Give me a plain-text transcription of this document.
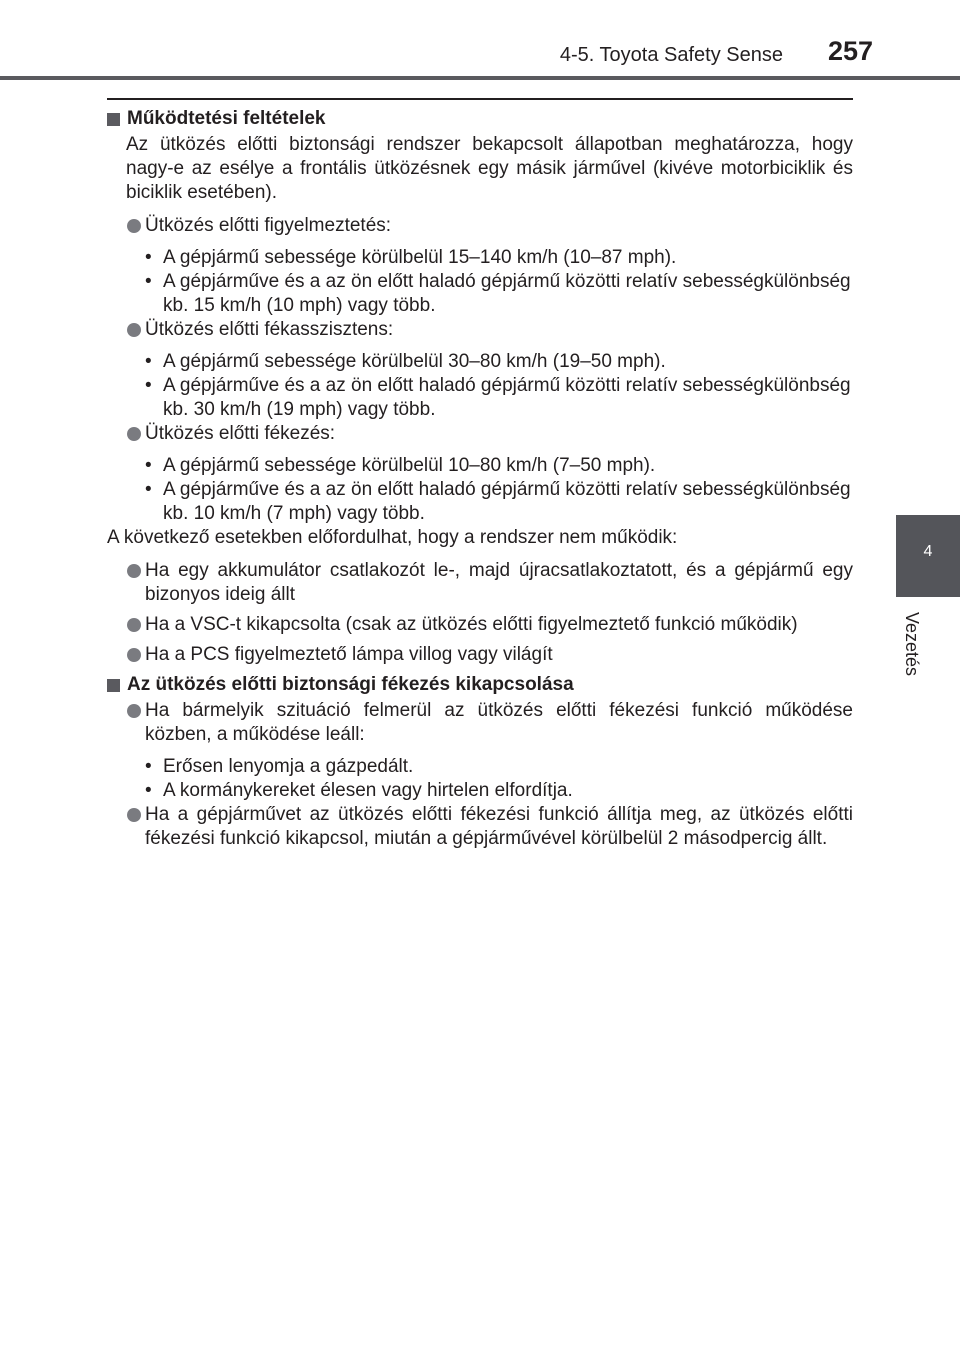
4-5. Toyota Safety Sense 257
4
Vezetés
Működtetési feltételek
Az ütközés előtti biztonsági rendszer bekapcsolt állapotban meghatározza, hogy nagy-e az esélye a frontális ütközésnek egy másik járművel (kivéve motorbiciklik és biciklik esetében).
Ütközés előtti figyelmeztetés:
• A gépjármű sebessége körülbelül 15–140 km/h (10–87 mph).
• A gépjárműve és a az ön előtt haladó gépjármű közötti relatív sebességkülönbség kb. 15 km/h (10 mph) vagy több.
Ütközés előtti fékasszisztens:
• A gépjármű sebessége körülbelül 30–80 km/h (19–50 mph).
• A gépjárműve és a az ön előtt haladó gépjármű közötti relatív sebességkülönbség kb. 30 km/h (19 mph) vagy több.
Ütközés előtti fékezés:
• A gépjármű sebessége körülbelül 10–80 km/h (7–50 mph).
• A gépjárműve és a az ön előtt haladó gépjármű közötti relatív sebességkülönbség kb. 10 km/h (7 mph) vagy több.
A következő esetekben előfordulhat, hogy a rendszer nem működik:
Ha egy akkumulátor csatlakozót le-, majd újracsatlakoztatott, és a gépjármű egy bizonyos ideig állt
Ha a VSC-t kikapcsolta (csak az ütközés előtti figyelmeztető funkció működik)
Ha a PCS figyelmeztető lámpa villog vagy világít
Az ütközés előtti biztonsági fékezés kikapcsolása
Ha bármelyik szituáció felmerül az ütközés előtti fékezési funkció működése közben, a működése leáll:
• Erősen lenyomja a gázpedált.
• A kormánykereket élesen vagy hirtelen elfordítja.
Ha a gépjárművet az ütközés előtti fékezési funkció állítja meg, az ütközés előtti fékezési funkció kikapcsol, miután a gépjárművével körülbelül 2 másodpercig állt.
